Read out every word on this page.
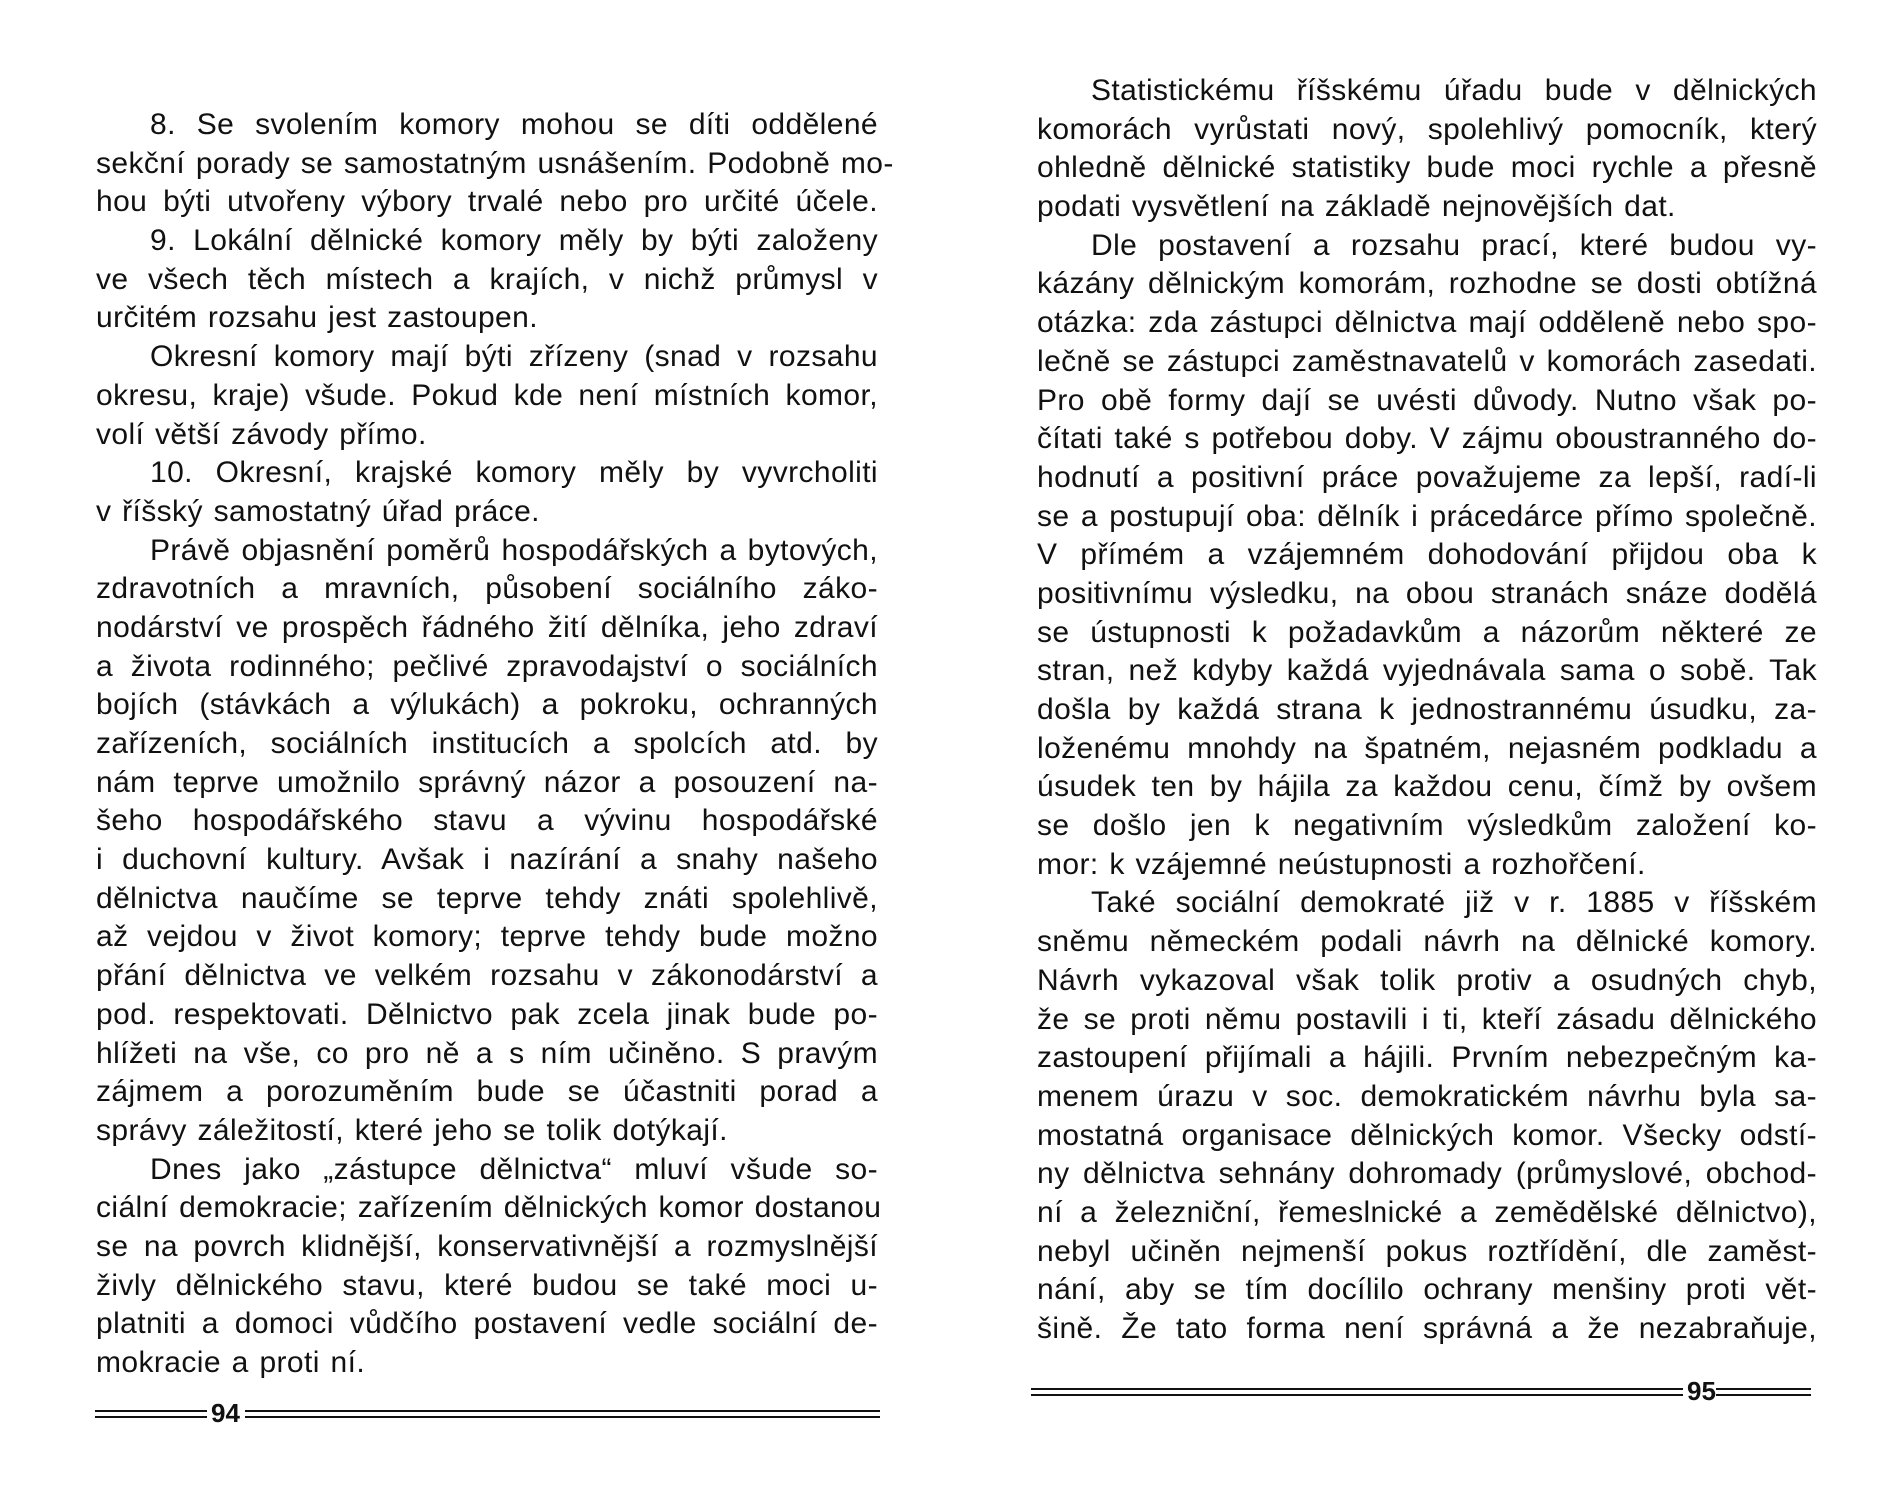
8. Se svolením komory mohou se díti oddělené
sekční porady se samostatným usnášením. Podobně mo-
hou býti utvořeny výbory trvalé nebo pro určité účele.
9. Lokální dělnické komory měly by býti založeny
ve všech těch místech a krajích, v nichž průmysl v
určitém rozsahu jest zastoupen.
Okresní komory mají býti zřízeny (snad v rozsahu
okresu, kraje) všude. Pokud kde není místních komor,
volí větší závody přímo.
10. Okresní, krajské komory měly by vyvrcholiti
v říšský samostatný úřad práce.
Právě objasnění poměrů hospodářských a bytových,
zdravotních a mravních, působení sociálního záko-
nodárství ve prospěch řádného žití dělníka, jeho zdraví
a života rodinného; pečlivé zpravodajství o sociálních
bojích (stávkách a výlukách) a pokroku, ochranných
zařízeních, sociálních institucích a spolcích atd. by
nám teprve umožnilo správný názor a posouzení na-
šeho hospodářského stavu a vývinu hospodářské
i duchovní kultury. Avšak i nazírání a snahy našeho
dělnictva naučíme se teprve tehdy znáti spolehlivě,
až vejdou v život komory; teprve tehdy bude možno
přání dělnictva ve velkém rozsahu v zákonodárství a
pod. respektovati. Dělnictvo pak zcela jinak bude po-
hlížeti na vše, co pro ně a s ním učiněno. S pravým
zájmem a porozuměním bude se účastniti porad a
správy záležitostí, které jeho se tolik dotýkají.
Dnes jako „zástupce dělnictva“ mluví všude so-
ciální demokracie; zařízením dělnických komor dostanou
se na povrch klidnější, konservativnější a rozmyslnější
živly dělnického stavu, které budou se také moci u-
platniti a domoci vůdčího postavení vedle sociální de-
mokracie a proti ní.
94
Statistickému říšskému úřadu bude v dělnických
komorách vyrůstati nový, spolehlivý pomocník, který
ohledně dělnické statistiky bude moci rychle a přesně
podati vysvětlení na základě nejnovějších dat.
Dle postavení a rozsahu prací, které budou vy-
kázány dělnickým komorám, rozhodne se dosti obtížná
otázka: zda zástupci dělnictva mají odděleně nebo spo-
lečně se zástupci zaměstnavatelů v komorách zasedati.
Pro obě formy dají se uvésti důvody. Nutno však po-
čítati také s potřebou doby. V zájmu oboustranného do-
hodnutí a positivní práce považujeme za lepší, radí-li
se a postupují oba: dělník i prácedárce přímo společně.
V přímém a vzájemném dohodování přijdou oba k
positivnímu výsledku, na obou stranách snáze dodělá
se ústupnosti k požadavkům a názorům některé ze
stran, než kdyby každá vyjednávala sama o sobě. Tak
došla by každá strana k jednostrannému úsudku, za-
loženému mnohdy na špatném, nejasném podkladu a
úsudek ten by hájila za každou cenu, čímž by ovšem
se došlo jen k negativním výsledkům založení ko-
mor: k vzájemné neústupnosti a rozhořčení.
Také sociální demokraté již v r. 1885 v říšském
sněmu německém podali návrh na dělnické komory.
Návrh vykazoval však tolik protiv a osudných chyb,
že se proti němu postavili i ti, kteří zásadu dělnického
zastoupení přijímali a hájili. Prvním nebezpečným ka-
menem úrazu v soc. demokratickém návrhu byla sa-
mostatná organisace dělnických komor. Všecky odstí-
ny dělnictva sehnány dohromady (průmyslové, obchod-
ní a železniční, řemeslnické a zemědělské dělnictvo),
nebyl učiněn nejmenší pokus roztřídění, dle zaměst-
nání, aby se tím docílilo ochrany menšiny proti vět-
šině. Že tato forma není správná a že nezabraňuje,
95
